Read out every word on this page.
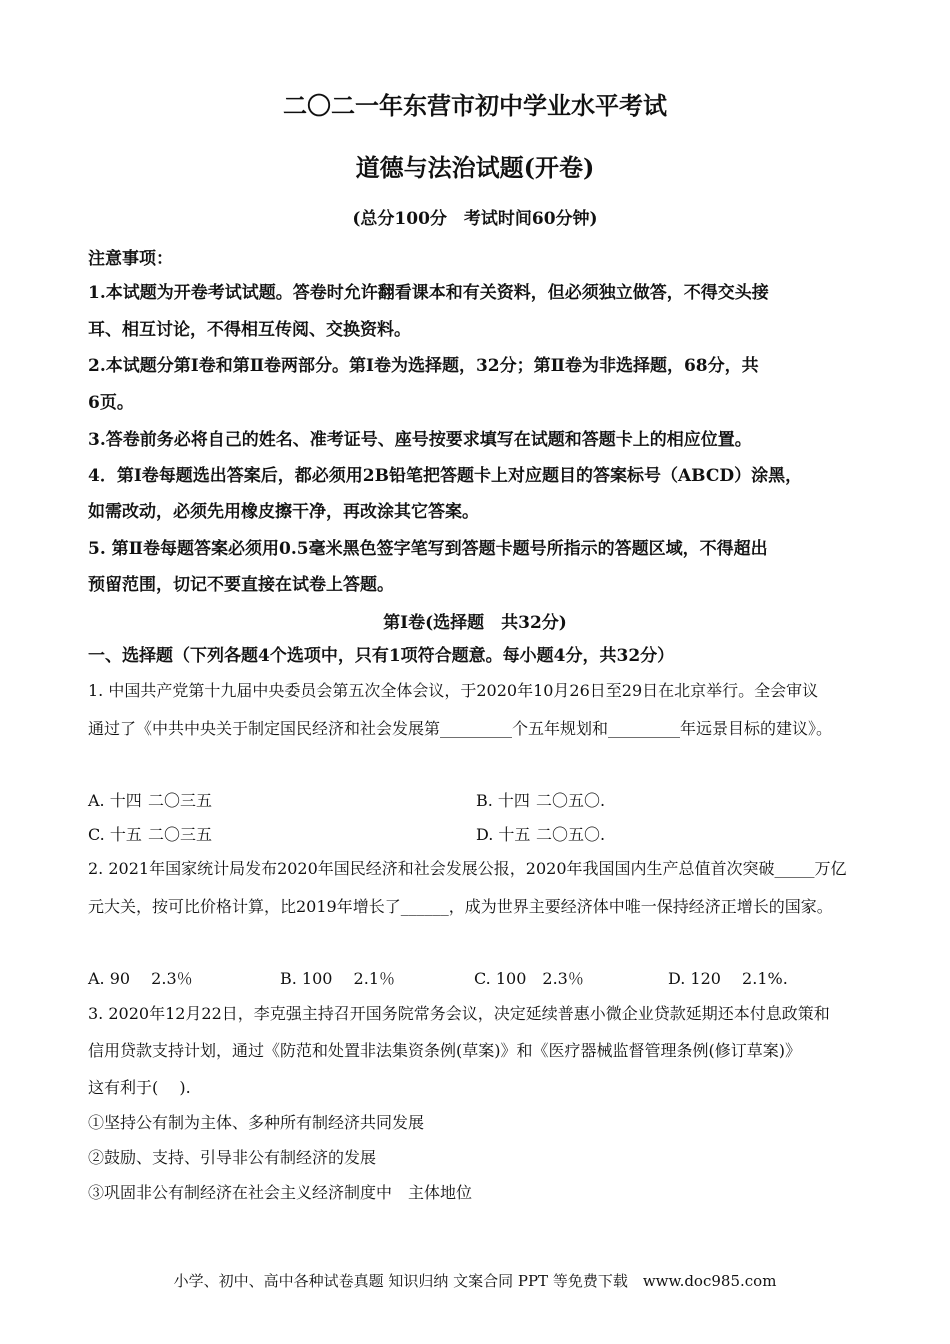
二〇二一年东营市初中学业水平考试
道德与法治试题(开卷)
(总分100分　考试时间60分钟)
注意事项：
1.本试题为开卷考试试题。答卷时允许翻看课本和有关资料，但必须独立做答，不得交头接
耳、相互讨论，不得相互传阅、交换资料。
2.本试题分第Ⅰ卷和第Ⅱ卷两部分。第Ⅰ卷为选择题，32分；第Ⅱ卷为非选择题，68分，共
6页。
3.答卷前务必将自己的姓名、准考证号、座号按要求填写在试题和答题卡上的相应位置。
4．第Ⅰ卷每题选出答案后，都必须用2B铅笔把答题卡上对应题目的答案标号（ABCD）涂黑，
如需改动，必须先用橡皮擦干净，再改涂其它答案。
5. 第Ⅱ卷每题答案必须用0.5毫米黑色签字笔写到答题卡题号所指示的答题区域，不得超出
预留范围，切记不要直接在试卷上答题。
第Ⅰ卷(选择题　共32分)
一、选择题（下列各题4个选项中，只有1项符合题意。每小题4分，共32分）
1. 中国共产党第十九届中央委员会第五次全体会议，于2020年10月26日至29日在北京举行。全会审议
通过了《中共中央关于制定国民经济和社会发展第_________个五年规划和_________年远景目标的建议》。
A. 十四 二〇三五	B. 十四 二〇五〇.
C. 十五 二〇三五	D. 十五 二〇五〇.
2. 2021年国家统计局发布2020年国民经济和社会发展公报，2020年我国国内生产总值首次突破_____万亿
元大关，按可比价格计算，比2019年增长了______，成为世界主要经济体中唯一保持经济正增长的国家。
A. 90　 2.3％	B. 100　 2.1％	C. 100　2.3％	D. 120　 2.1%.
3. 2020年12月22日，李克强主持召开国务院常务会议，决定延续普惠小微企业贷款延期还本付息政策和
信用贷款支持计划，通过《防范和处置非法集资条例(草案)》和《医疗器械监督管理条例(修订草案)》
这有利于(　 ).
①坚持公有制为主体、多种所有制经济共同发展
②鼓励、支持、引导非公有制经济的发展
③巩固非公有制经济在社会主义经济制度中　主体地位
小学、初中、高中各种试卷真题 知识归纳 文案合同 PPT 等免费下载　www.doc985.com
